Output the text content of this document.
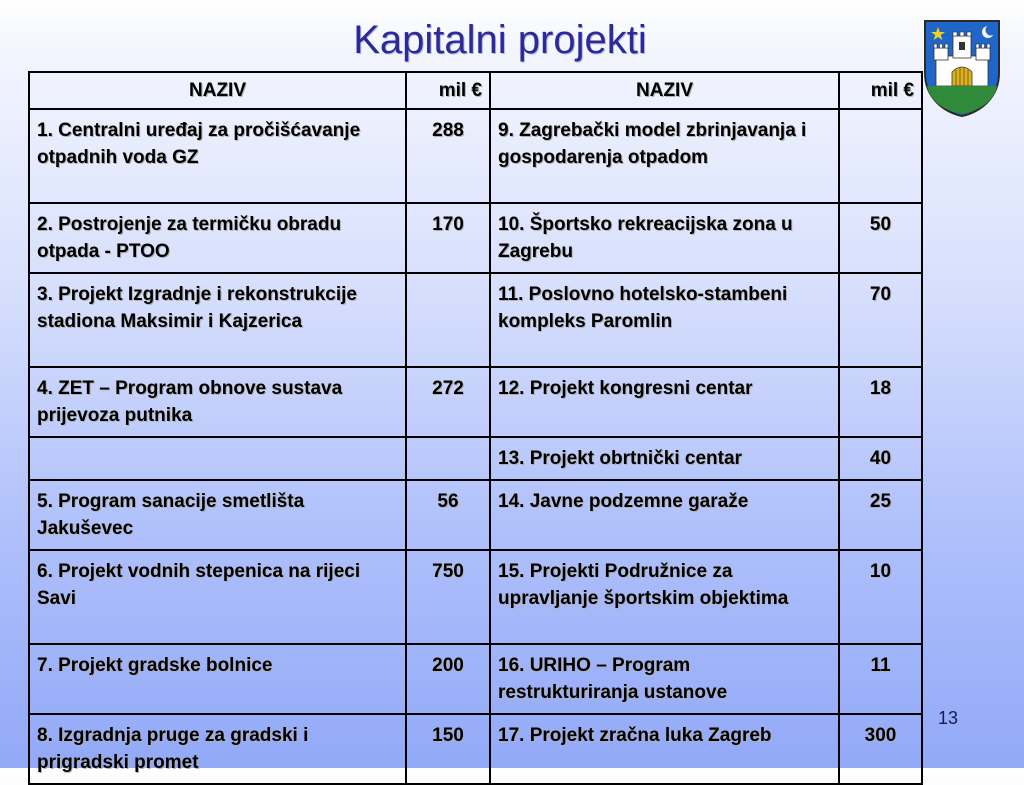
Kapitalni projekti
NAZIV	mil €	NAZIV	mil €
1. Centralni uređaj za pročišćavanje otpadnih voda GZ	288	9. Zagrebački model zbrinjavanja i gospodarenja otpadom	
2. Postrojenje za termičku obradu otpada - PTOO	170	10. Športsko rekreacijska zona u Zagrebu	50
3. Projekt Izgradnje i rekonstrukcije stadiona Maksimir i Kajzerica		11. Poslovno hotelsko-stambeni kompleks Paromlin	70
4. ZET – Program obnove sustava prijevoza putnika	272	12. Projekt kongresni centar	18
		13. Projekt obrtnički centar	40
5. Program sanacije smetlišta Jakuševec	56	14. Javne podzemne garaže	25
6. Projekt vodnih stepenica na rijeci Savi	750	15. Projekti Podružnice za upravljanje športskim objektima	10
7. Projekt gradske bolnice	200	16. URIHO – Program restrukturiranja ustanove	11
8. Izgradnja pruge za gradski i prigradski promet	150	17. Projekt zračna luka Zagreb	300
13
